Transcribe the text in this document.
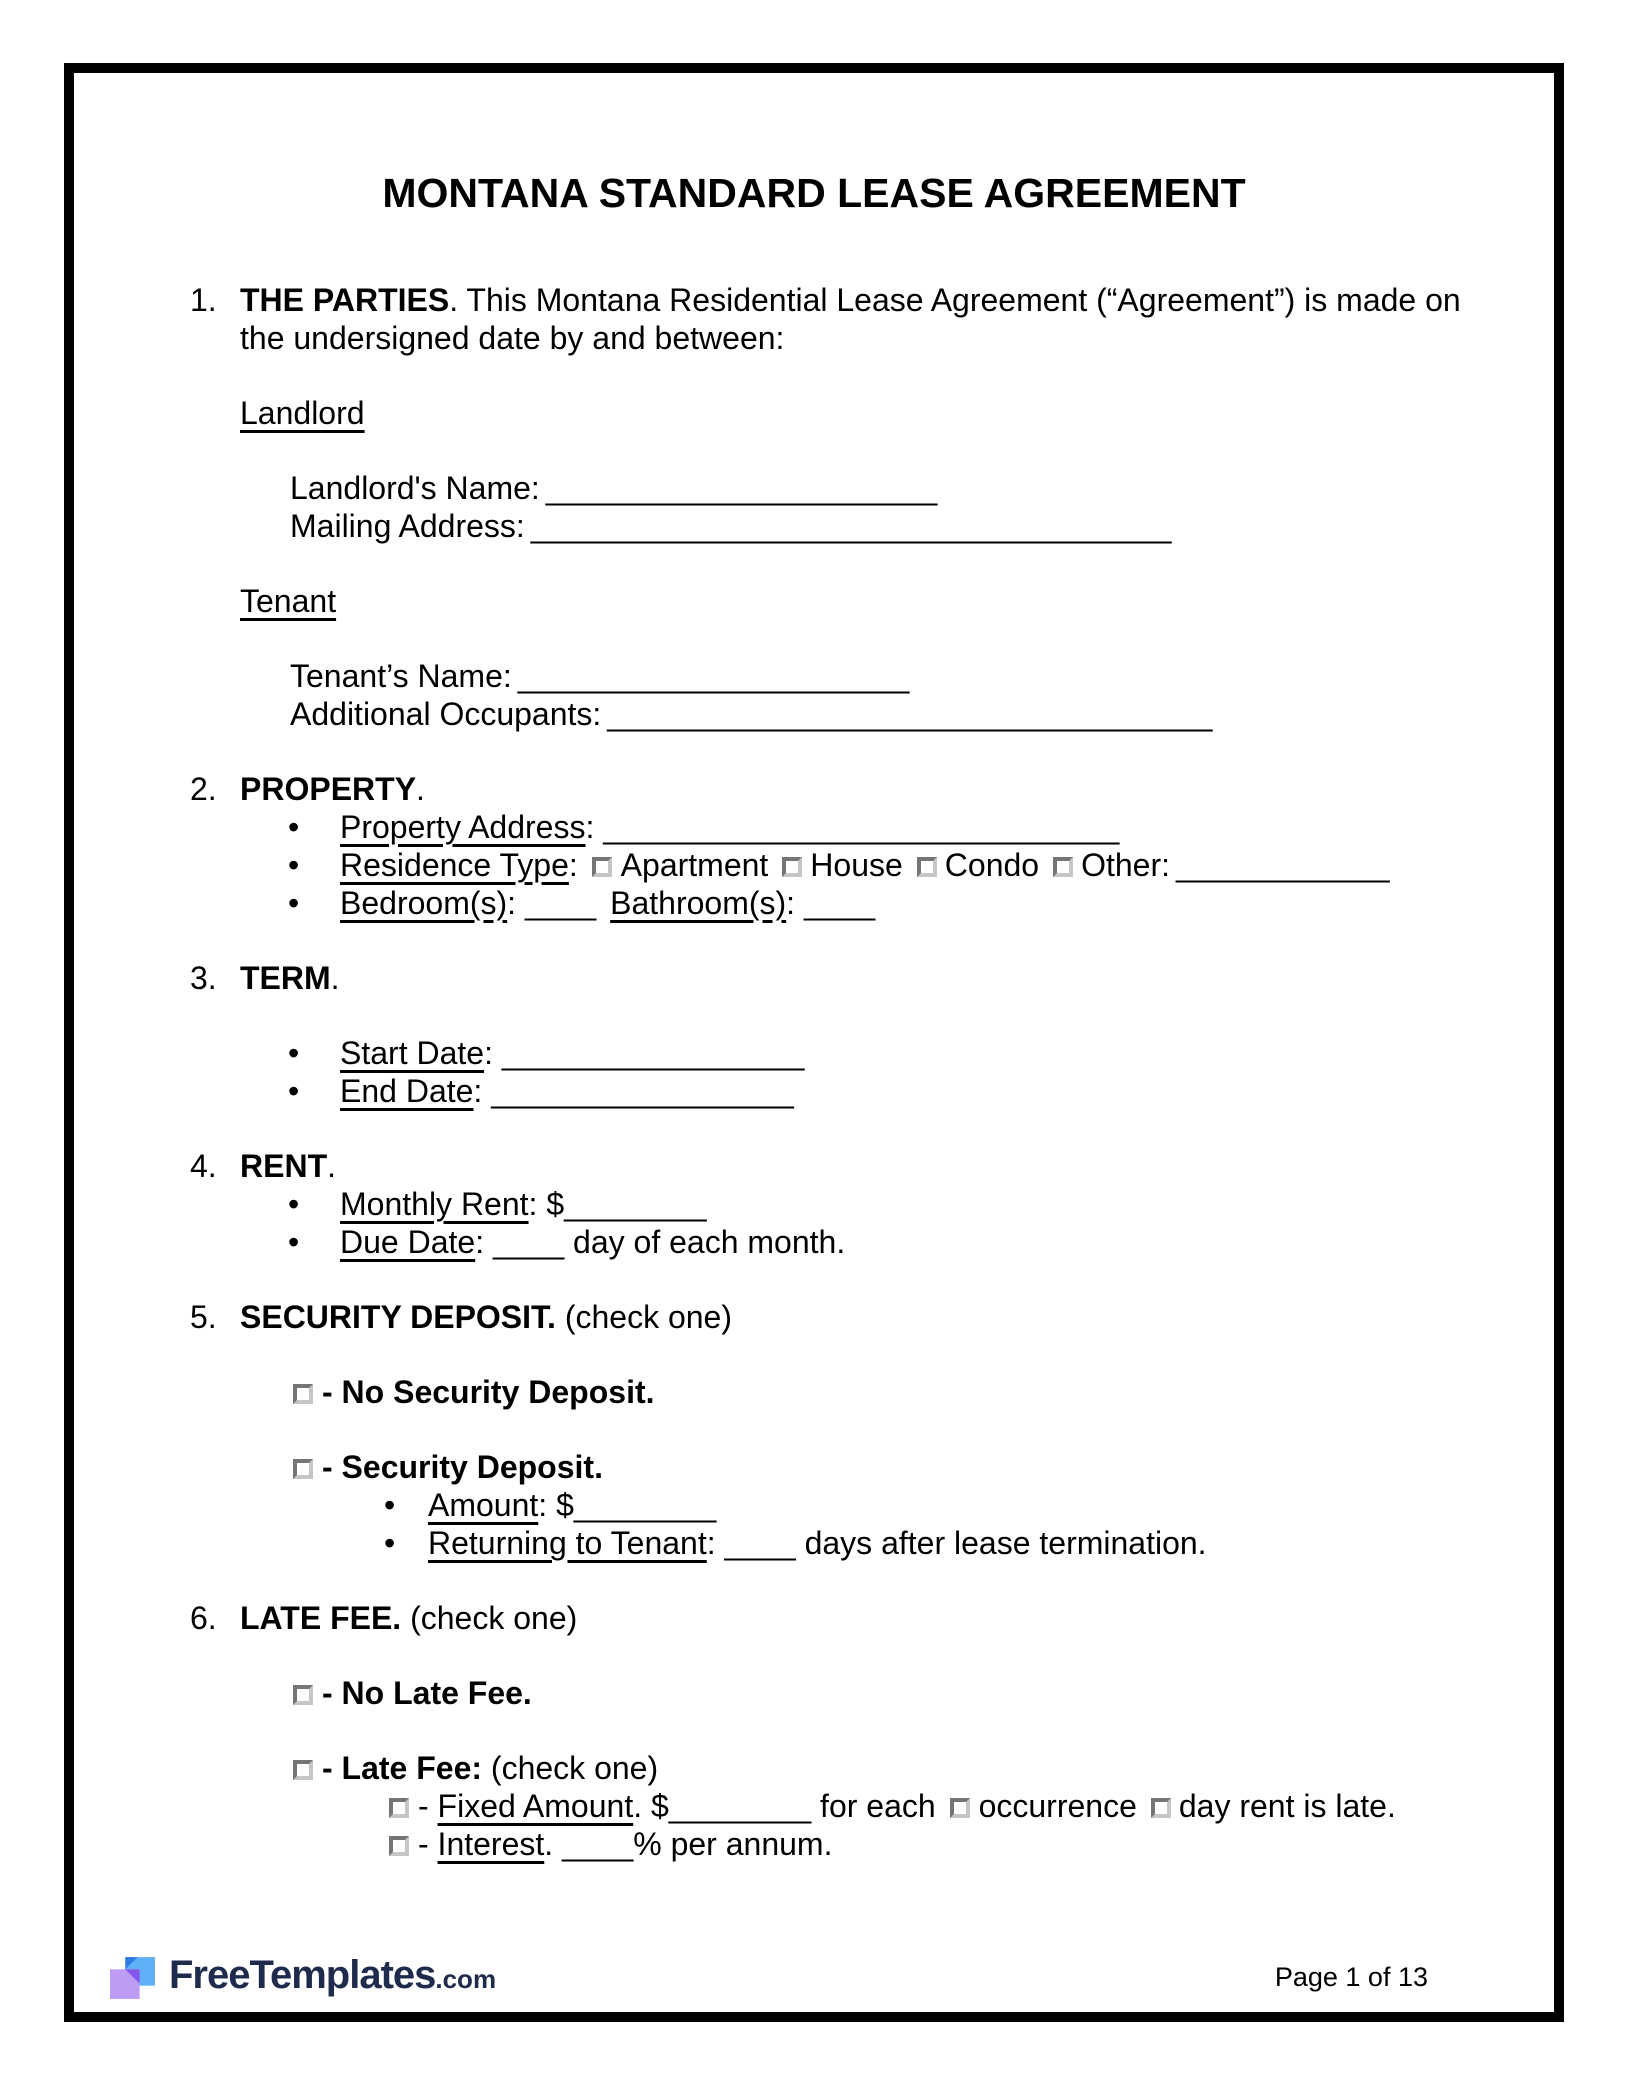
MONTANA STANDARD LEASE AGREEMENT
1. THE PARTIES. This Montana Residential Lease Agreement (“Agreement”) is made on the undersigned date by and between:

Landlord
Landlord's Name: ______________________
Mailing Address: ____________________________________
Tenant
Tenant’s Name: ______________________
Additional Occupants: __________________________________
2. PROPERTY.

•	Property Address: _____________________________
•	Residence Type: Apartment House Condo Other: ____________
•	Bedroom(s): ____ Bathroom(s): ____
3. TERM.

•	Start Date: _________________
•	End Date: _________________
4. RENT.

•	Monthly Rent: $________
•	Due Date: ____ day of each month.
5. SECURITY DEPOSIT. (check one)

- No Security Deposit.
- Security Deposit.
•	Amount: $________
•	Returning to Tenant: ____ days after lease termination.
6. LATE FEE. (check one)

- No Late Fee.
- Late Fee: (check one)
- Fixed Amount. $________ for each occurrence day rent is late.
- Interest. ____% per annum.
FreeTemplates.com	Page 1 of 13
